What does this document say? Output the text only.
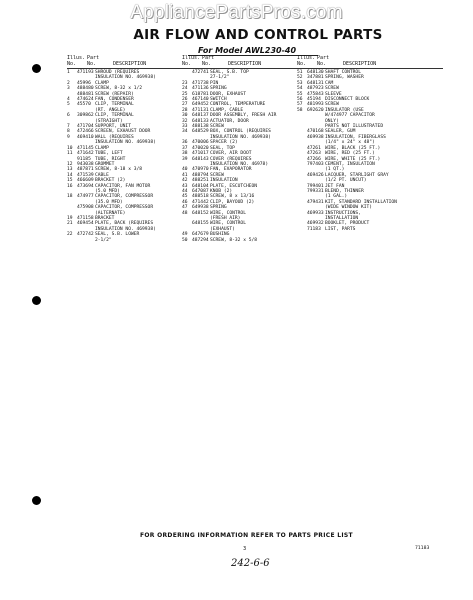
AppliancePartsPros.com
AIR FLOW AND CONTROL PARTS
For Model AWL230-40
Illus.
No.
Part
No.	DESCRIPTION
1	471193 SHROUD (REQUIRES
INSULATION NO. 469938)
2	45996 CLAMP
3	488480 SCREW, 8-32 x 1/2
488481 SCREW (REPAIR)
4	474624 FAN, CONDENSER
5	45570 CLIP, TERMINAL
(RT. ANGLE)
6	309862 CLIP, TERMINAL
(STRAIGHT)
7	471704 SUPPORT, UNIT
8	472466 SCREEN, EXHAUST DOOR
9	469410 WALL (REQUIRES
INSULATION NO. 469938)
10 471145 CLAMP
11 471642 TUBE, LEFT
91185 TUBE, RIGHT
12 943038 GROMMET
13 487871 SCREW, 8-18 x 3/8
14 471539 CABLE
15 466609 BRACKET (2)
16 473694 CAPACITOR, FAN MOTOR
(5.0 MFD)
18 474977 CAPACITOR, COMPRESSOR
(35.0 MFD)
475908 CAPACITOR, COMPRESSOR
(ALTERNATE)
19 471158 BRACKET
21 469454 PLATE, BACK (REQUIRES
INSULATION NO. 469938)
22 472742 SEAL, S.B. LOWER
2-1/2"
Illus.
No.
Part
No.	DESCRIPTION
472741 SEAL, S.B. TOP
27-1/2"
23 471738 PIN
24 471136 SPRING
25 618781 DOOR, EXHAUST
26 467140 SWITCH
27 649452 CONTROL, TEMPERATURE
28 471131 CLAMP, CABLE
30 648137 DOOR ASSEMBLY, FRESH AIR
32 648133 ACTUATOR, DOOR
33 488138 SCREW
34 648529 BOX, CONTROL (REQUIRES
INSULATION NO. 469938)
36 470006 SPACER (2)
37 470020 SEAL, TOP
38 471017 COVER, AIR DOOT
39 648143 COVER (REQUIRES
INSULATION NO. 46978)
40 470970 FAN, EVAPORATOR
41 488794 SCREW
42 488251 INSULATION
43 648104 PLATE, ESCUTCHEON
44 647087 KNOB (2)
45 488518 SCREW, 8 x 13/16
46 471442 CLIP, BAYOUD (2)
47 649938 SPRING
48 648152 WIRE, CONTROL
(FRESH AIR)
648155 WIRE, CONTROL
(EXHAUST)
49 647679 BUSHING
50 487294 SCREW, 8-32 x 5/8
Illus.
No.
Part
No.	DESCRIPTION
51 648130 SHAFT CONTROL
52 347881 SPRING, WASHER
53 648131 CAM
54 487923 SCREW
55 475843 SLEEVE
56 45194 DISCONNECT BLOCK
57 481993 SCREW
58 692620 INSULATOR (USE
W/474977 CAPACITOR
ONLY)
PARTS NOT ILLUSTRATED
470168 SEALER, GUM
469938 INSULATION, FIBERGLASS
(1/4" x 24" x 48")
47261 WIRE, BLACK (25 FT.)
47263 WIRE, RED (25 FT.)
47266 WIRE, WHITE (25 FT.)
797403 CEMENT, INSULATION
(1 QT.)
469426 LACQUER, STARLIGHT GRAY
(1/2 PT. UNCUT)
799401 JET FAN
799331 BLEND, THINNER
(1 GAL.)
479431 KIT, STANDARD INSTALLATION
(WIDE WINDOW KIT)
469933 INSTRUCTIONS,
INSTALLATION
469932 BOOKLET, PRODUCT
71183 LIST, PARTS
FOR ORDERING INFORMATION REFER TO PARTS PRICE LIST
3	71183
242-6-6
